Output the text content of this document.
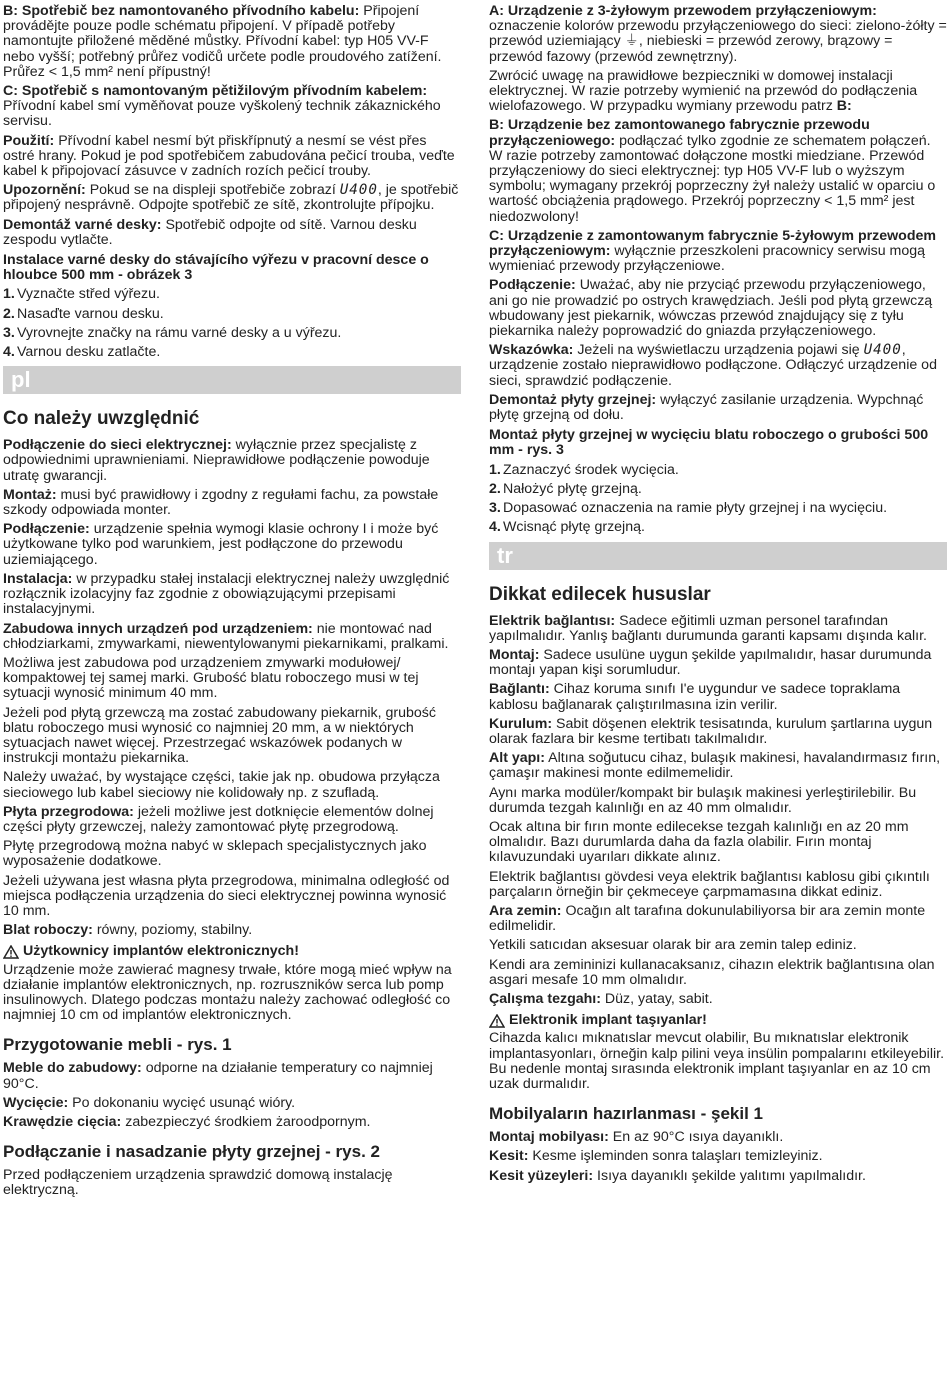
B: Spotřebič bez namontovaného přívodního kabelu: Připojení provádějte pouze podle schématu připojení. V případě potřeby namontujte přiložené měděné můstky. Přívodní kabel: typ H05 VV-F nebo vyšší; potřebný průřez vodičů určete podle proudového zatížení. Průřez < 1,5 mm² není přípustný!

C: Spotřebič s namontovaným pětižilovým přívodním kabelem: Přívodní kabel smí vyměňovat pouze vyškolený technik zákaznického servisu.

Použití: Přívodní kabel nesmí být přiskřípnutý a nesmí se vést přes ostré hrany. Pokud je pod spotřebičem zabudována pečicí trouba, veďte kabel k připojovací zásuvce v zadních rozích pečicí trouby.

Upozornění: Pokud se na displeji spotřebiče zobrazí U400, je spotřebič připojený nesprávně. Odpojte spotřebič ze sítě, zkontrolujte přípojku.

Demontáž varné desky: Spotřebič odpojte od sítě. Varnou desku zespodu vytlačte.

Instalace varné desky do stávajícího výřezu v pracovní desce o hloubce 500 mm - obrázek 3
1. Vyznačte střed výřezu.
2. Nasaďte varnou desku.
3. Vyrovnejte značky na rámu varné desky a u výřezu.
4. Varnou desku zatlačte.
pl
Co należy uwzględnić

Podłączenie do sieci elektrycznej: wyłącznie przez specjalistę z odpowiednimi uprawnieniami. Nieprawidłowe podłączenie powoduje utratę gwarancji.

Montaż: musi być prawidłowy i zgodny z regułami fachu, za powstałe szkody odpowiada monter.

Podłączenie: urządzenie spełnia wymogi klasie ochrony I i może być użytkowane tylko pod warunkiem, jest podłączone do przewodu uziemiającego.

Instalacja: w przypadku stałej instalacji elektrycznej należy uwzględnić rozłącznik izolacyjny faz zgodnie z obowiązującymi przepisami instalacyjnymi.

Zabudowa innych urządzeń pod urządzeniem: nie montować nad chłodziarkami, zmywarkami, niewentylowanymi piekarnikami, pralkami.

Możliwa jest zabudowa pod urządzeniem zmywarki modułowej/ kompaktowej tej samej marki. Grubość blatu roboczego musi w tej sytuacji wynosić minimum 40 mm.

Jeżeli pod płytą grzewczą ma zostać zabudowany piekarnik, grubość blatu roboczego musi wynosić co najmniej 20 mm, a w niektórych sytuacjach nawet więcej. Przestrzegać wskazówek podanych w instrukcji montażu piekarnika.

Należy uważać, by wystające części, takie jak np. obudowa przyłącza sieciowego lub kabel sieciowy nie kolidowały np. z szufladą.

Płyta przegrodowa: jeżeli możliwe jest dotknięcie elementów dolnej części płyty grzewczej, należy zamontować płytę przegrodową.

Płytę przegrodową można nabyć w sklepach specjalistycznych jako wyposażenie dodatkowe.

Jeżeli używana jest własna płyta przegrodowa, minimalna odległość od miejsca podłączenia urządzenia do sieci elektrycznej powinna wynosić 10 mm.

Blat roboczy: równy, poziomy, stabilny.

Użytkownicy implantów elektronicznych!

Urządzenie może zawierać magnesy trwałe, które mogą mieć wpływ na działanie implantów elektronicznych, np. rozruszników serca lub pomp insulinowych. Dlatego podczas montażu należy zachować odległość co najmniej 10 cm od implantów elektronicznych.

Przygotowanie mebli - rys. 1

Meble do zabudowy: odporne na działanie temperatury co najmniej 90°C.

Wycięcie: Po dokonaniu wycięć usunąć wióry.

Krawędzie cięcia: zabezpieczyć środkiem żaroodpornym.

Podłączanie i nasadzanie płyty grzejnej - rys. 2

Przed podłączeniem urządzenia sprawdzić domową instalację elektryczną.

A: Urządzenie z 3-żyłowym przewodem przyłączeniowym: oznaczenie kolorów przewodu przyłączeniowego do sieci: zielono-żółty = przewód uziemiający ⏚, niebieski = przewód zerowy, brązowy = przewód fazowy (przewód zewnętrzny).

Zwrócić uwagę na prawidłowe bezpieczniki w domowej instalacji elektrycznej. W razie potrzeby wymienić na przewód do podłączenia wielofazowego. W przypadku wymiany przewodu patrz B:

B: Urządzenie bez zamontowanego fabrycznie przewodu przyłączeniowego: podłączać tylko zgodnie ze schematem połączeń. W razie potrzeby zamontować dołączone mostki miedziane. Przewód przyłączeniowy do sieci elektrycznej: typ H05 VV-F lub o wyższym symbolu; wymagany przekrój poprzeczny żył należy ustalić w oparciu o wartość obciążenia prądowego. Przekrój poprzeczny < 1,5 mm² jest niedozwolony!

C: Urządzenie z zamontowanym fabrycznie 5-żyłowym przewodem przyłączeniowym: wyłącznie przeszkoleni pracownicy serwisu mogą wymieniać przewody przyłączeniowe.

Podłączenie: Uważać, aby nie przyciąć przewodu przyłączeniowego, ani go nie prowadzić po ostrych krawędziach. Jeśli pod płytą grzewczą wbudowany jest piekarnik, wówczas przewód znajdujący się z tyłu piekarnika należy poprowadzić do gniazda przyłączeniowego.

Wskazówka: Jeżeli na wyświetlaczu urządzenia pojawi się U400, urządzenie zostało nieprawidłowo podłączone. Odłączyć urządzenie od sieci, sprawdzić podłączenie.

Demontaż płyty grzejnej: wyłączyć zasilanie urządzenia. Wypchnąć płytę grzejną od dołu.

Montaż płyty grzejnej w wycięciu blatu roboczego o grubości 500 mm - rys. 3
1. Zaznaczyć środek wycięcia.
2. Nałożyć płytę grzejną.
3. Dopasować oznaczenia na ramie płyty grzejnej i na wycięciu.
4. Wcisnąć płytę grzejną.
tr
Dikkat edilecek hususlar

Elektrik bağlantısı: Sadece eğitimli uzman personel tarafından yapılmalıdır. Yanlış bağlantı durumunda garanti kapsamı dışında kalır.

Montaj: Sadece usulüne uygun şekilde yapılmalıdır, hasar durumunda montajı yapan kişi sorumludur.

Bağlantı: Cihaz koruma sınıfı I'e uygundur ve sadece topraklama kablosu bağlanarak çalıştırılmasına izin verilir.

Kurulum: Sabit döşenen elektrik tesisatında, kurulum şartlarına uygun olarak fazlara bir kesme tertibatı takılmalıdır.

Alt yapı: Altına soğutucu cihaz, bulaşık makinesi, havalandırmasız fırın, çamaşır makinesi monte edilmemelidir.

Aynı marka modüler/kompakt bir bulaşık makinesi yerleştirilebilir. Bu durumda tezgah kalınlığı en az 40 mm olmalıdır.

Ocak altına bir fırın monte edilecekse tezgah kalınlığı en az 20 mm olmalıdır. Bazı durumlarda daha da fazla olabilir. Fırın montaj kılavuzundaki uyarıları dikkate alınız.

Elektrik bağlantısı gövdesi veya elektrik bağlantısı kablosu gibi çıkıntılı parçaların örneğin bir çekmeceye çarpmamasına dikkat ediniz.

Ara zemin: Ocağın alt tarafına dokunulabiliyorsa bir ara zemin monte edilmelidir.

Yetkili satıcıdan aksesuar olarak bir ara zemin talep ediniz.

Kendi ara zemininizi kullanacaksanız, cihazın elektrik bağlantısına olan asgari mesafe 10 mm olmalıdır.

Çalışma tezgahı: Düz, yatay, sabit.

Elektronik implant taşıyanlar!

Cihazda kalıcı mıknatıslar mevcut olabilir, Bu mıknatıslar elektronik implantasyonları, örneğin kalp pilini veya insülin pompalarını etkileyebilir. Bu nedenle montaj sırasında elektronik implant taşıyanlar en az 10 cm uzak durmalıdır.

Mobilyaların hazırlanması - şekil 1

Montaj mobilyası: En az 90°C ısıya dayanıklı.

Kesit: Kesme işleminden sonra talaşları temizleyiniz.

Kesit yüzeyleri: Isıya dayanıklı şekilde yalıtımı yapılmalıdır.
